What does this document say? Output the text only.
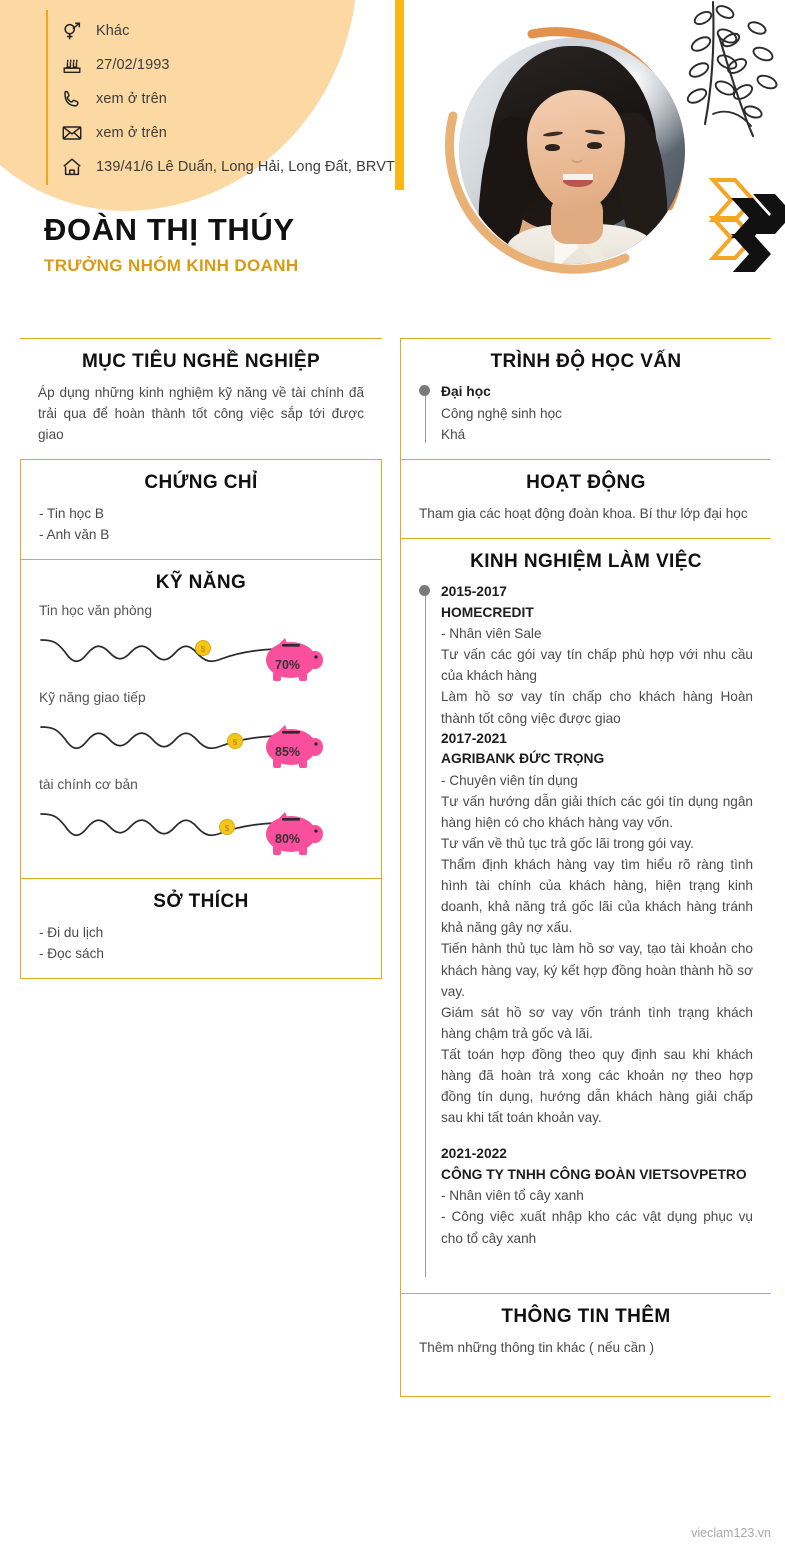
Khác
27/02/1993
xem ở trên
xem ở trên
139/41/6 Lê Duẩn, Long Hải, Long Đất, BRVT
ĐOÀN THỊ THÚY
TRƯỞNG NHÓM KINH DOANH
MỤC TIÊU NGHỀ NGHIỆP
Áp dụng những kinh nghiệm kỹ năng về tài chính đã trải qua để hoàn thành tốt công việc sắp tới được giao
CHỨNG CHỈ
- Tin học B
- Anh văn B
KỸ NĂNG
Tin học văn phòng
$
70%
Kỹ năng giao tiếp
$
85%
tài chính cơ bản
$
80%
SỞ THÍCH
- Đi du lịch
- Đọc sách
TRÌNH ĐỘ HỌC VẤN
Đại học
Công nghệ sinh học
Khá
HOẠT ĐỘNG
Tham gia các hoạt động đoàn khoa. Bí thư lớp đại học
KINH NGHIỆM LÀM VIỆC
2015-2017
HOMECREDIT
- Nhân viên Sale
Tư vấn các gói vay tín chấp phù hợp với nhu cầu của khách hàng
Làm hồ sơ vay tín chấp cho khách hàng Hoàn thành tốt công việc được giao
2017-2021
AGRIBANK ĐỨC TRỌNG
- Chuyên viên tín dụng
Tư vấn hướng dẫn giải thích các gói tín dụng ngân hàng hiện có cho khách hàng vay vốn.
Tư vấn về thủ tục trả gốc lãi trong gói vay.
Thẩm định khách hàng vay tìm hiểu rõ ràng tình hình tài chính của khách hàng, hiện trạng kinh doanh, khả năng trả gốc lãi của khách hàng tránh khả năng gây nợ xấu.
Tiến hành thủ tục làm hồ sơ vay, tạo tài khoản cho khách hàng vay, ký kết hợp đồng hoàn thành hồ sơ vay.
Giám sát hồ sơ vay vốn tránh tình trạng khách hàng chậm trả gốc và lãi.
Tất toán hợp đồng theo quy định sau khi khách hàng đã hoàn trả xong các khoản nợ theo hợp đồng tín dụng, hướng dẫn khách hàng giải chấp sau khi tất toán khoản vay.
2021-2022
CÔNG TY TNHH CÔNG ĐOÀN VIETSOVPETRO
- Nhân viên tổ cây xanh
- Công việc xuất nhập kho các vật dụng phục vụ cho tổ cây xanh
THÔNG TIN THÊM
Thêm những thông tin khác ( nếu cần )
vieclam123.vn
